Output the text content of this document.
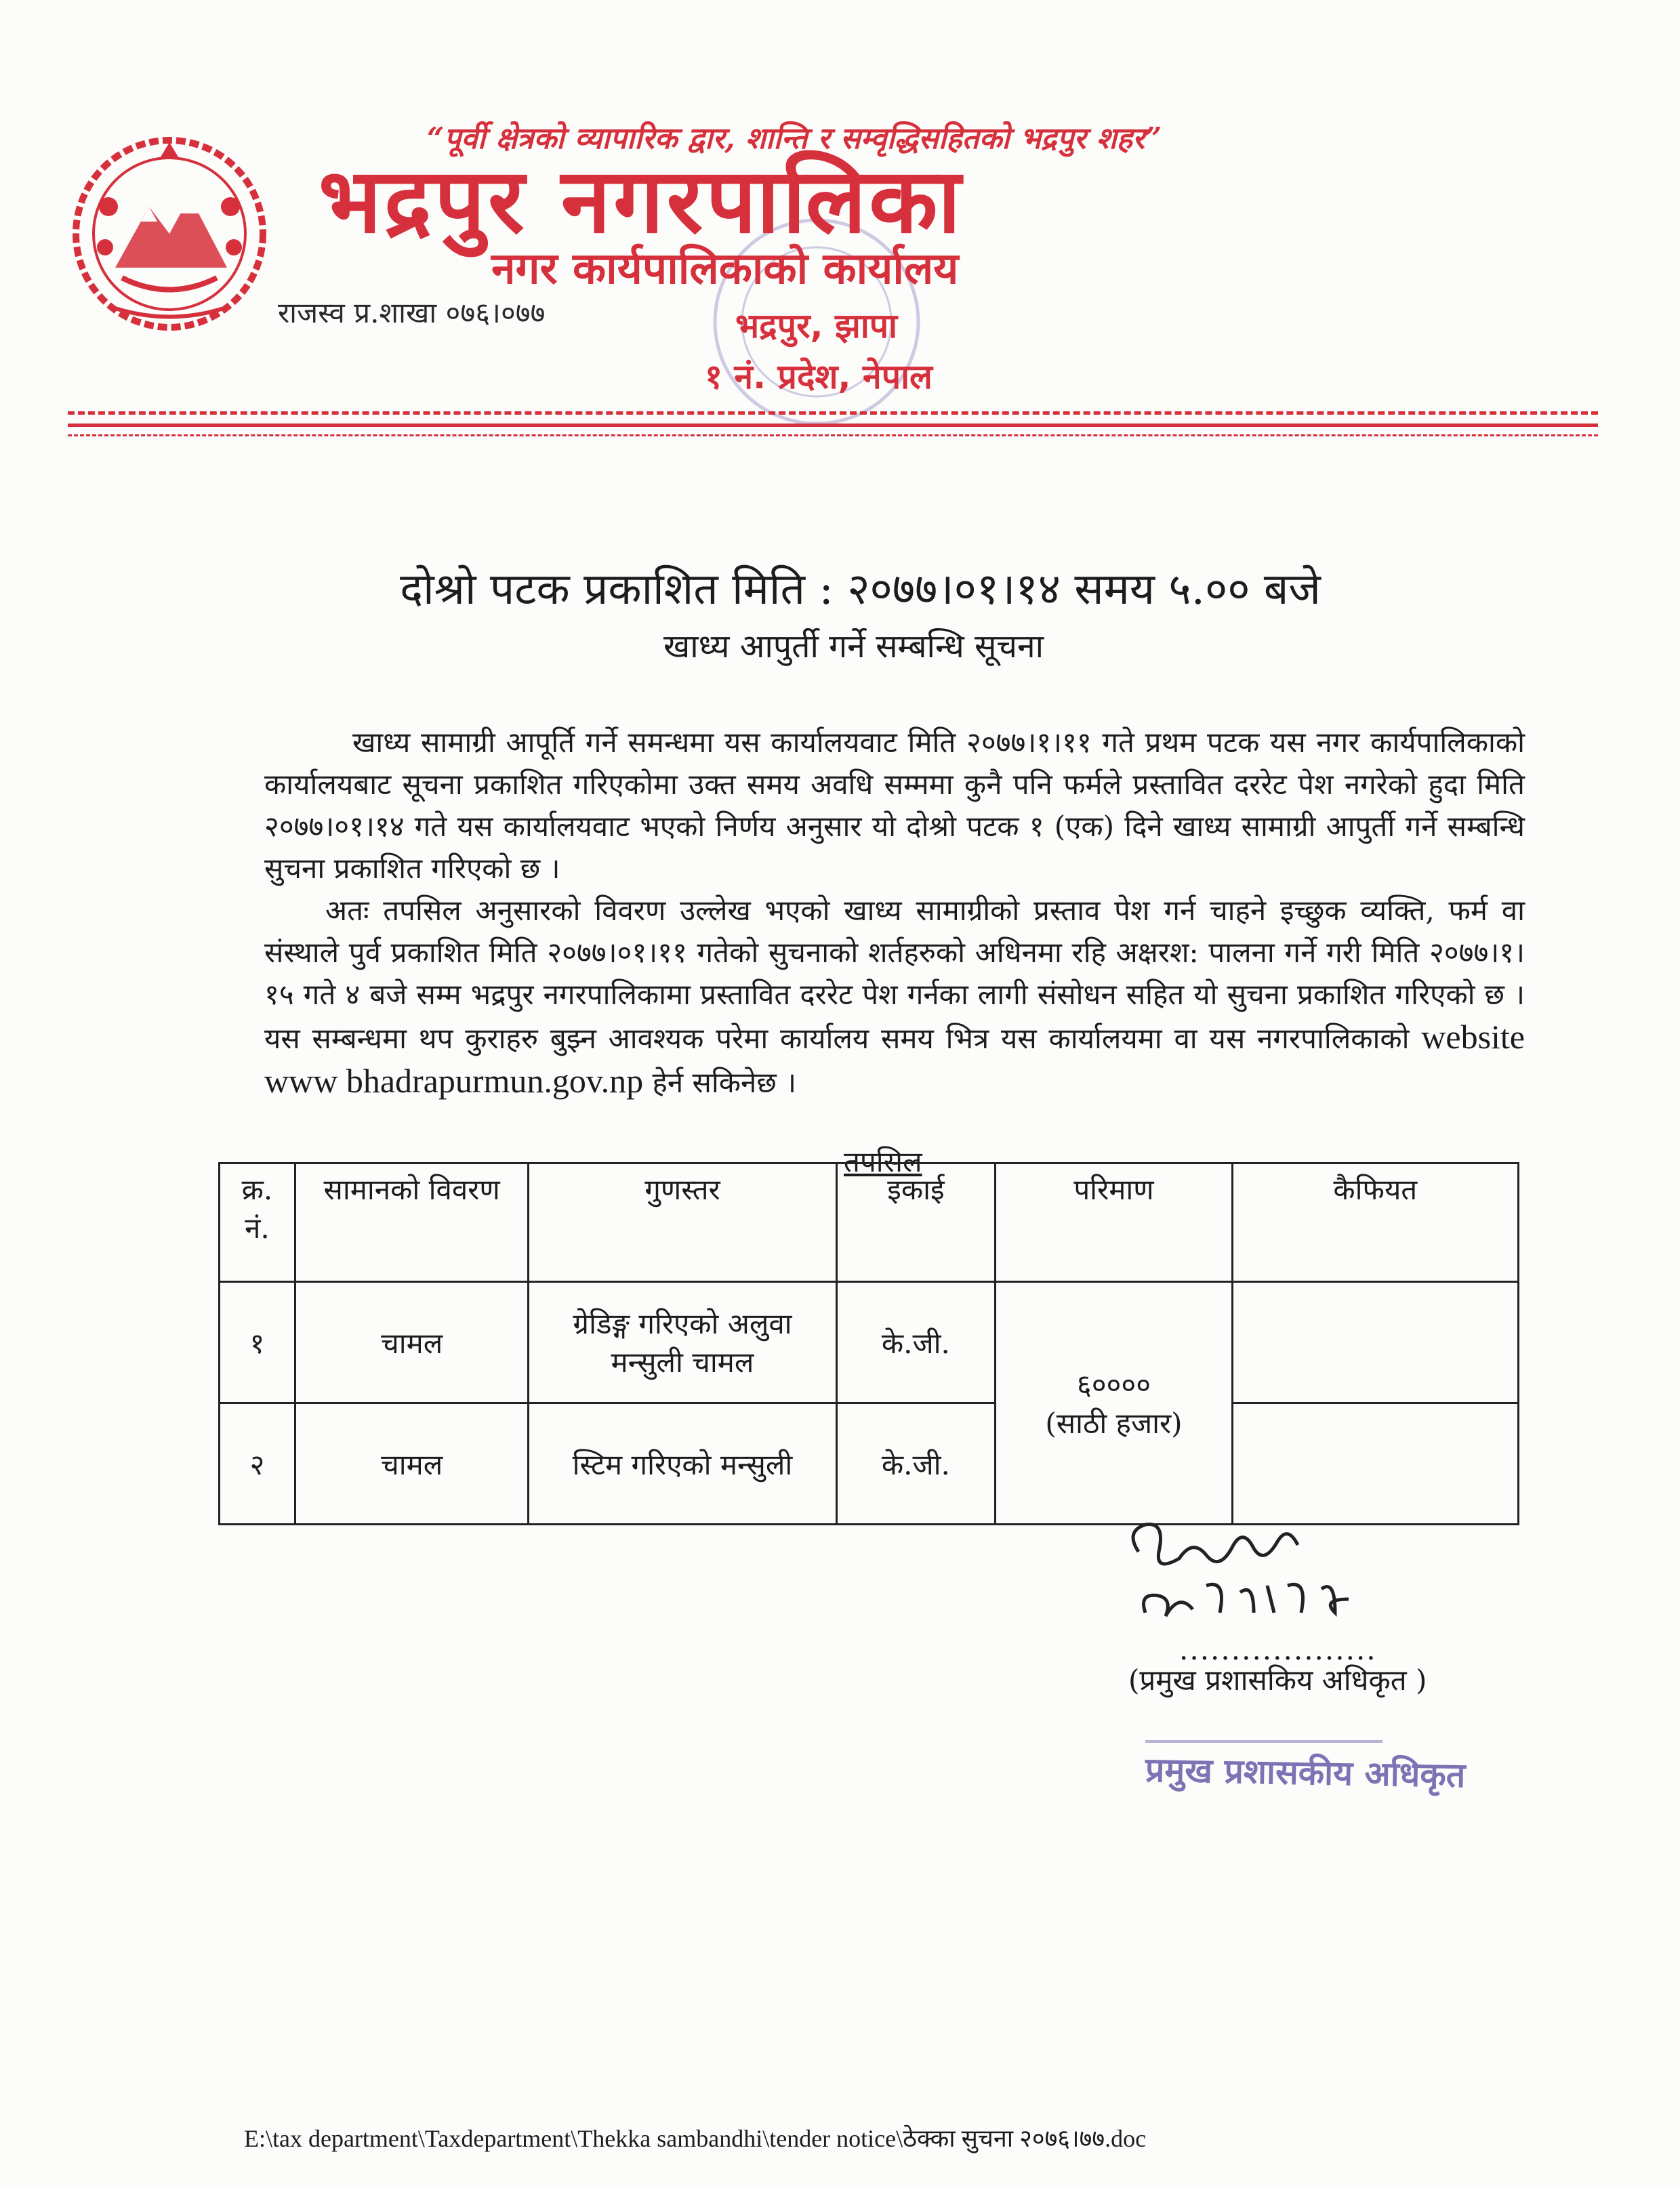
“पूर्वी क्षेत्रको व्यापारिक द्वार, शान्ति र सम्वृद्धिसहितको भद्रपुर शहर”
भद्रपुर नगरपालिका
नगर कार्यपालिकाको कार्यालय
भद्रपुर, झापा
१ नं. प्रदेश, नेपाल
राजस्व प्र.शाखा ०७६।०७७
दोश्रो पटक प्रकाशित मिति : २०७७।०१।१४ समय ५.०० बजे
खाध्य आपुर्ती गर्ने सम्बन्धि सूचना

खाध्य सामाग्री आपूर्ति गर्ने समन्धमा यस कार्यालयवाट मिति २०७७।१।११ गते प्रथम पटक यस नगर कार्यपालिकाको कार्यालयबाट सूचना प्रकाशित गरिएकोमा उक्त समय अवधि सम्ममा कुनै पनि फर्मले प्रस्तावित दररेट पेश नगरेको हुदा मिति २०७७।०१।१४ गते यस कार्यालयवाट भएको निर्णय अनुसार यो दोश्रो पटक १ (एक) दिने खाध्य सामाग्री आपुर्ती गर्ने सम्बन्धि सुचना प्रकाशित गरिएको छ ।

अतः तपसिल अनुसारको विवरण उल्लेख भएको खाध्य सामाग्रीको प्रस्ताव पेश गर्न चाहने इच्छुक व्यक्ति, फर्म वा संस्थाले पुर्व प्रकाशित मिति २०७७।०१।११ गतेको सुचनाको शर्तहरुको अधिनमा रहि अक्षरश: पालना गर्ने गरी मिति २०७७।१।१५ गते ४ बजे सम्म भद्रपुर नगरपालिकामा प्रस्तावित दररेट पेश गर्नका लागी संसोधन सहित यो सुचना प्रकाशित गरिएको छ । यस सम्बन्धमा थप कुराहरु बुझ्न आवश्यक परेमा कार्यालय समय भित्र यस कार्यालयमा वा यस नगरपालिकाको website www bhadrapurmun.gov.np हेर्न सकिनेछ ।

तपसिल
क्र. नं.	सामानको विवरण	गुणस्तर	इकाई	परिमाण	कैफियत
१	चामल	ग्रेडिङ्ग गरिएको अलुवा मन्सुली चामल	के.जी.	६००००
(साठी हजार)	

२	चामल	स्टिम गरिएको मन्सुली	के.जी.		
...................
(प्रमुख प्रशासकिय अधिकृत )
प्रमुख प्रशासकीय अधिकृत
E:\tax department\Taxdepartment\Thekka sambandhi\tender notice\ठेक्का सुचना २०७६।७७.doc
